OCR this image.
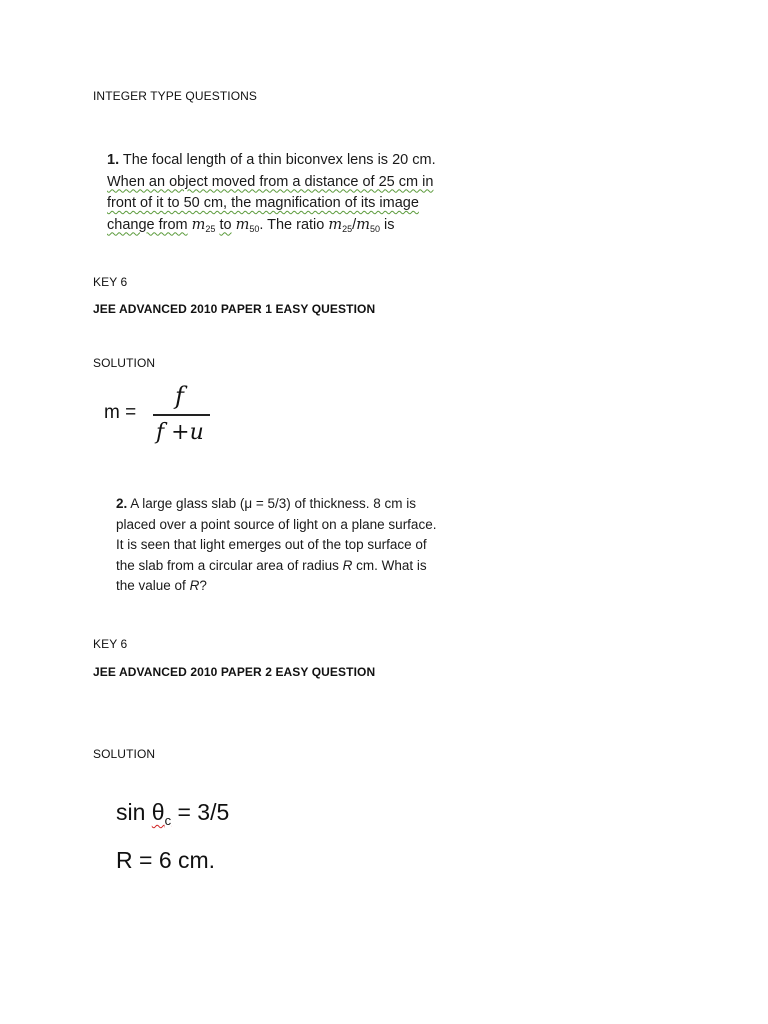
INTEGER TYPE QUESTIONS
1. The focal length of a thin biconvex lens is 20 cm.
When an object moved from a distance of 25 cm in
front of it to 50 cm, the magnification of its image
change from $m_{25}$ to $m_{50}$. The ratio $m_{25}/m_{50}$ is
KEY 6
JEE ADVANCED 2010 PAPER 1 EASY QUESTION
SOLUTION
m =
f
f +u
2. A large glass slab (μ = 5/3) of thickness. 8 cm is
placed over a point source of light on a plane surface.
It is seen that light emerges out of the top surface of
the slab from a circular area of radius R cm. What is
the value of R?
KEY 6
JEE ADVANCED 2010 PAPER 2 EASY QUESTION
SOLUTION
$\sin \theta_c = 3/5$
R = 6 cm.
